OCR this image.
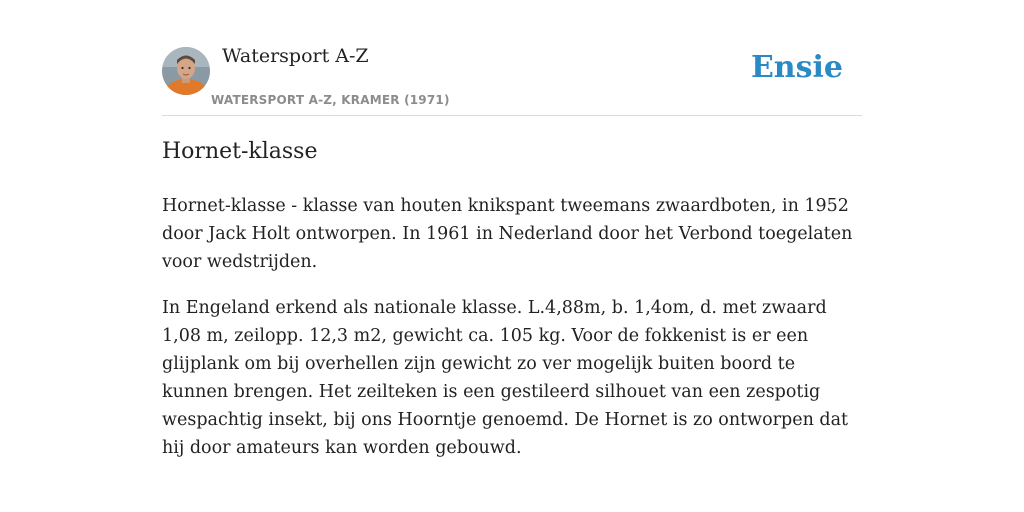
Watersport A-Z
WATERSPORT A-Z, KRAMER (1971)
Ensie
Hornet-klasse

Hornet-klasse - klasse van houten knikspant tweemans zwaardboten, in 1952 door Jack Holt ontworpen. In 1961 in Nederland door het Verbond toegelaten voor wedstrijden.

In Engeland erkend als nationale klasse. L.4,88m, b. 1,4om, d. met zwaard 1,08 m, zeilopp. 12,3 m2, gewicht ca. 105 kg. Voor de fokkenist is er een glijplank om bij overhellen zijn gewicht zo ver mogelijk buiten boord te kunnen brengen. Het zeilteken is een gestileerd silhouet van een zespotig wespachtig insekt, bij ons Hoorntje genoemd. De Hornet is zo ontworpen dat hij door amateurs kan worden gebouwd.
